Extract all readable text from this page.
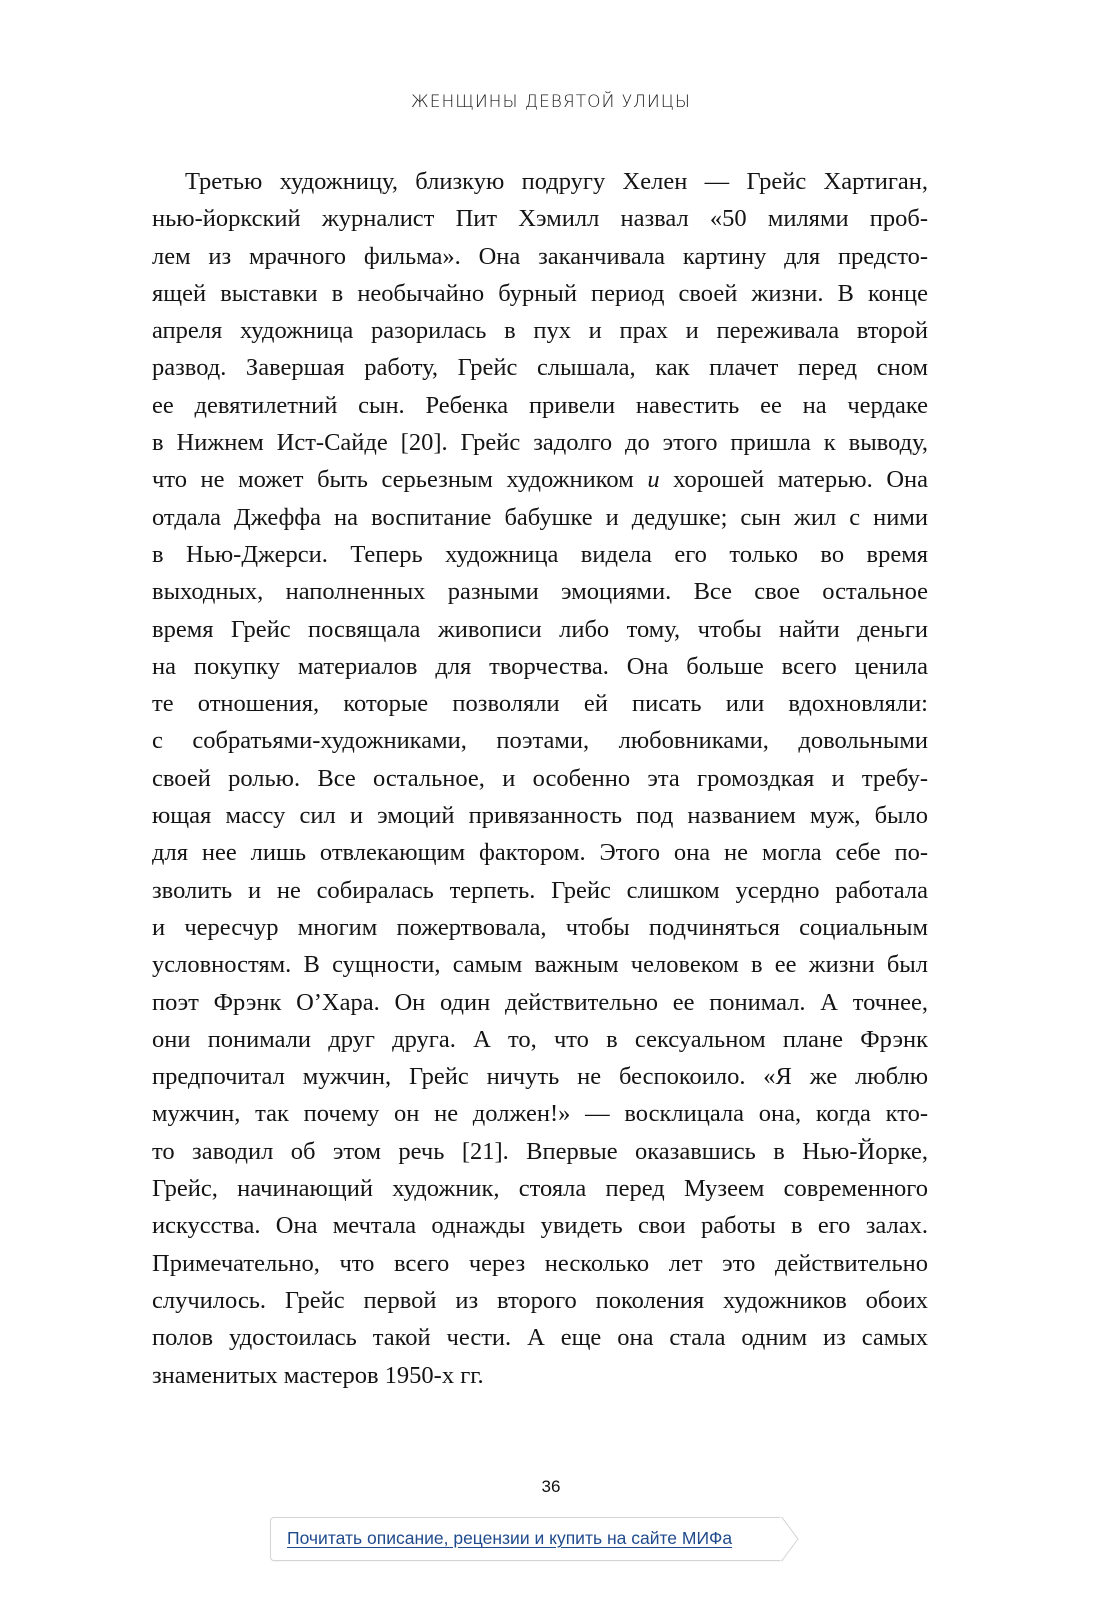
ЖЕНЩИНЫ ДЕВЯТОЙ УЛИЦЫ
Третью художницу, близкую подругу Хелен — Грейс Хартиган,
нью-йоркский журналист Пит Хэмилл назвал «50 милями проб-
лем из мрачного фильма». Она заканчивала картину для предсто-
ящей выставки в необычайно бурный период своей жизни. В конце
апреля художница разорилась в пух и прах и переживала второй
развод. Завершая работу, Грейс слышала, как плачет перед сном
ее девятилетний сын. Ребенка привели навестить ее на чердаке
в Нижнем Ист-Сайде [20]. Грейс задолго до этого пришла к выводу,
что не может быть серьезным художником и хорошей матерью. Она
отдала Джеффа на воспитание бабушке и дедушке; сын жил с ними
в Нью-Джерси. Теперь художница видела его только во время
выходных, наполненных разными эмоциями. Все свое остальное
время Грейс посвящала живописи либо тому, чтобы найти деньги
на покупку материалов для творчества. Она больше всего ценила
те отношения, которые позволяли ей писать или вдохновляли:
с собратьями-художниками, поэтами, любовниками, довольными
своей ролью. Все остальное, и особенно эта громоздкая и требу-
ющая массу сил и эмоций привязанность под названием муж, было
для нее лишь отвлекающим фактором. Этого она не могла себе по-
зволить и не собиралась терпеть. Грейс слишком усердно работала
и чересчур многим пожертвовала, чтобы подчиняться социальным
условностям. В сущности, самым важным человеком в ее жизни был
поэт Фрэнк О’Хара. Он один действительно ее понимал. А точнее,
они понимали друг друга. А то, что в сексуальном плане Фрэнк
предпочитал мужчин, Грейс ничуть не беспокоило. «Я же люблю
мужчин, так почему он не должен!» — восклицала она, когда кто-
то заводил об этом речь [21]. Впервые оказавшись в Нью-Йорке,
Грейс, начинающий художник, стояла перед Музеем современного
искусства. Она мечтала однажды увидеть свои работы в его залах.
Примечательно, что всего через несколько лет это действительно
случилось. Грейс первой из второго поколения художников обоих
полов удостоилась такой чести. А еще она стала одним из самых
знаменитых мастеров 1950-х гг.
36
Почитать описание, рецензии и купить на сайте МИФа
